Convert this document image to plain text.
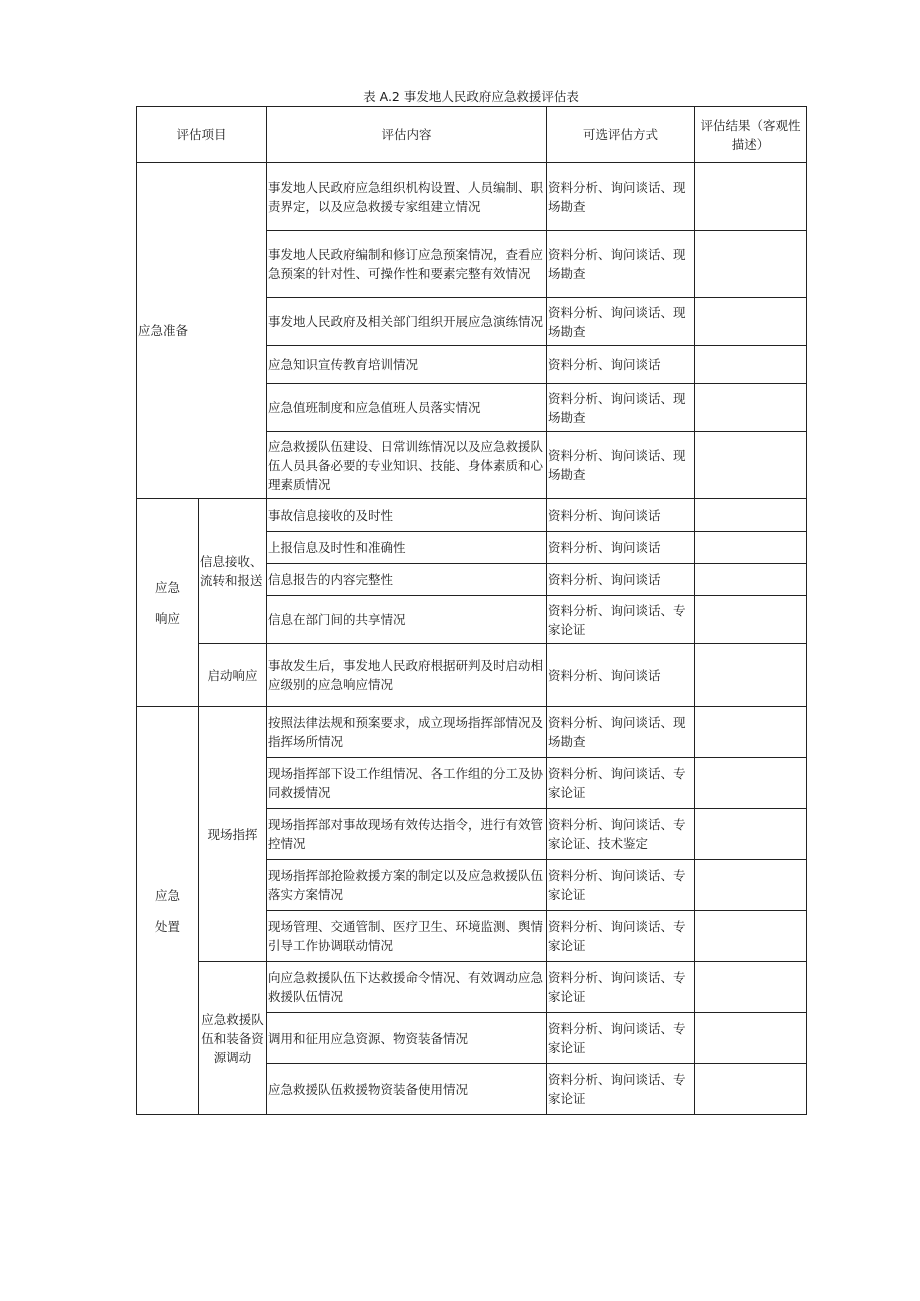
表 A.2 事发地人民政府应急救援评估表
评估项目		评估内容	可选评估方式	评估结果（客观性描述）
应急准备		事发地人民政府应急组织机构设置、人员编制、职责界定，以及应急救援专家组建立情况	资料分析、询问谈话、现场勘查	
		事发地人民政府编制和修订应急预案情况，查看应急预案的针对性、可操作性和要素完整有效情况	资料分析、询问谈话、现场勘查	
		事发地人民政府及相关部门组织开展应急演练情况	资料分析、询问谈话、现场勘查	
		应急知识宣传教育培训情况	资料分析、询问谈话	
		应急值班制度和应急值班人员落实情况	资料分析、询问谈话、现场勘查	
		应急救援队伍建设、日常训练情况以及应急救援队伍人员具备必要的专业知识、技能、身体素质和心理素质情况	资料分析、询问谈话、现场勘查	

应急
响应	信息接收、流转和报送	事故信息接收的及时性	资料分析、询问谈话	
		上报信息及时性和准确性	资料分析、询问谈话	
		信息报告的内容完整性	资料分析、询问谈话	
		信息在部门间的共享情况	资料分析、询问谈话、专家论证	
	启动响应	事故发生后，事发地人民政府根据研判及时启动相应级别的应急响应情况	资料分析、询问谈话	

应急
处置	现场指挥	按照法律法规和预案要求，成立现场指挥部情况及指挥场所情况	资料分析、询问谈话、现场勘查	
		现场指挥部下设工作组情况、各工作组的分工及协同救援情况	资料分析、询问谈话、专家论证	
		现场指挥部对事故现场有效传达指令，进行有效管控情况	资料分析、询问谈话、专家论证、技术鉴定	
		现场指挥部抢险救援方案的制定以及应急救援队伍落实方案情况	资料分析、询问谈话、专家论证	
		现场管理、交通管制、医疗卫生、环境监测、舆情引导工作协调联动情况	资料分析、询问谈话、专家论证	
	应急救援队伍和装备资源调动	向应急救援队伍下达救援命令情况、有效调动应急救援队伍情况	资料分析、询问谈话、专家论证	
		调用和征用应急资源、物资装备情况	资料分析、询问谈话、专家论证	
		应急救援队伍救援物资装备使用情况	资料分析、询问谈话、专家论证	
